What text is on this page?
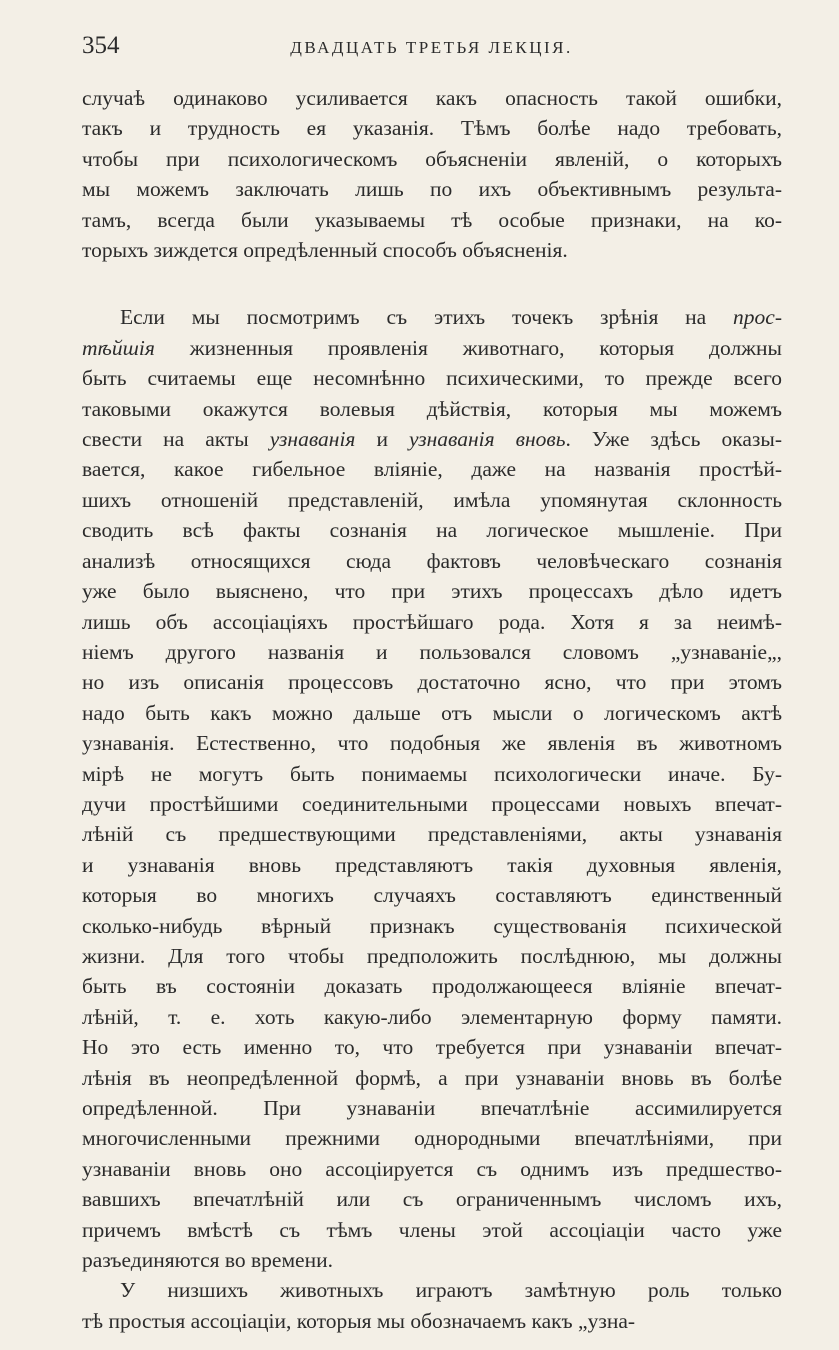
354	ДВАДЦАТЬ ТРЕТЬЯ ЛЕКЦІЯ.
случаѣ одинаково усиливается какъ опасность такой ошибки,
такъ и трудность ея указанія. Тѣмъ болѣе надо требовать,
чтобы при психологическомъ объясненіи явленій, о которыхъ
мы можемъ заключать лишь по ихъ объективнымъ результа-
тамъ, всегда были указываемы тѣ особые признаки, на ко-
торыхъ зиждется опредѣленный способъ объясненія.
Если мы посмотримъ съ этихъ точекъ зрѣнія на прос-
тѣйшія жизненныя проявленія животнаго, которыя должны
быть считаемы еще несомнѣнно психическими, то прежде всего
таковыми окажутся волевыя дѣйствія, которыя мы можемъ
свести на акты узнаванія и узнаванія вновь. Уже здѣсь оказы-
вается, какое гибельное вліяніе, даже на названія простѣй-
шихъ отношеній представленій, имѣла упомянутая склонность
сводить всѣ факты сознанія на логическое мышленіе. При
анализѣ относящихся сюда фактовъ человѣческаго сознанія
уже было выяснено, что при этихъ процессахъ дѣло идетъ
лишь объ ассоціаціяхъ простѣйшаго рода. Хотя я за неимѣ-
ніемъ другого названія и пользовался словомъ „узнаваніе„,
но изъ описанія процессовъ достаточно ясно, что при этомъ
надо быть какъ можно дальше отъ мысли о логическомъ актѣ
узнаванія. Естественно, что подобныя же явленія въ животномъ
мірѣ не могутъ быть понимаемы психологически иначе. Бу-
дучи простѣйшими соединительными процессами новыхъ впечат-
лѣній съ предшествующими представленіями, акты узнаванія
и узнаванія вновь представляютъ такія духовныя явленія,
которыя во многихъ случаяхъ составляютъ единственный
сколько-нибудь вѣрный признакъ существованія психической
жизни. Для того чтобы предположить послѣднюю, мы должны
быть въ состояніи доказать продолжающееся вліяніе впечат-
лѣній, т. е. хоть какую-либо элементарную форму памяти.
Но это есть именно то, что требуется при узнаваніи впечат-
лѣнія въ неопредѣленной формѣ, а при узнаваніи вновь въ болѣе
опредѣленной. При узнаваніи впечатлѣніе ассимилируется
многочисленными прежними однородными впечатлѣніями, при
узнаваніи вновь оно ассоціируется съ однимъ изъ предшество-
вавшихъ впечатлѣній или съ ограниченнымъ числомъ ихъ,
причемъ вмѣстѣ съ тѣмъ члены этой ассоціаціи часто уже
разъединяются во времени.
У низшихъ животныхъ играютъ замѣтную роль только
тѣ простыя ассоціаціи, которыя мы обозначаемъ какъ „узна-
